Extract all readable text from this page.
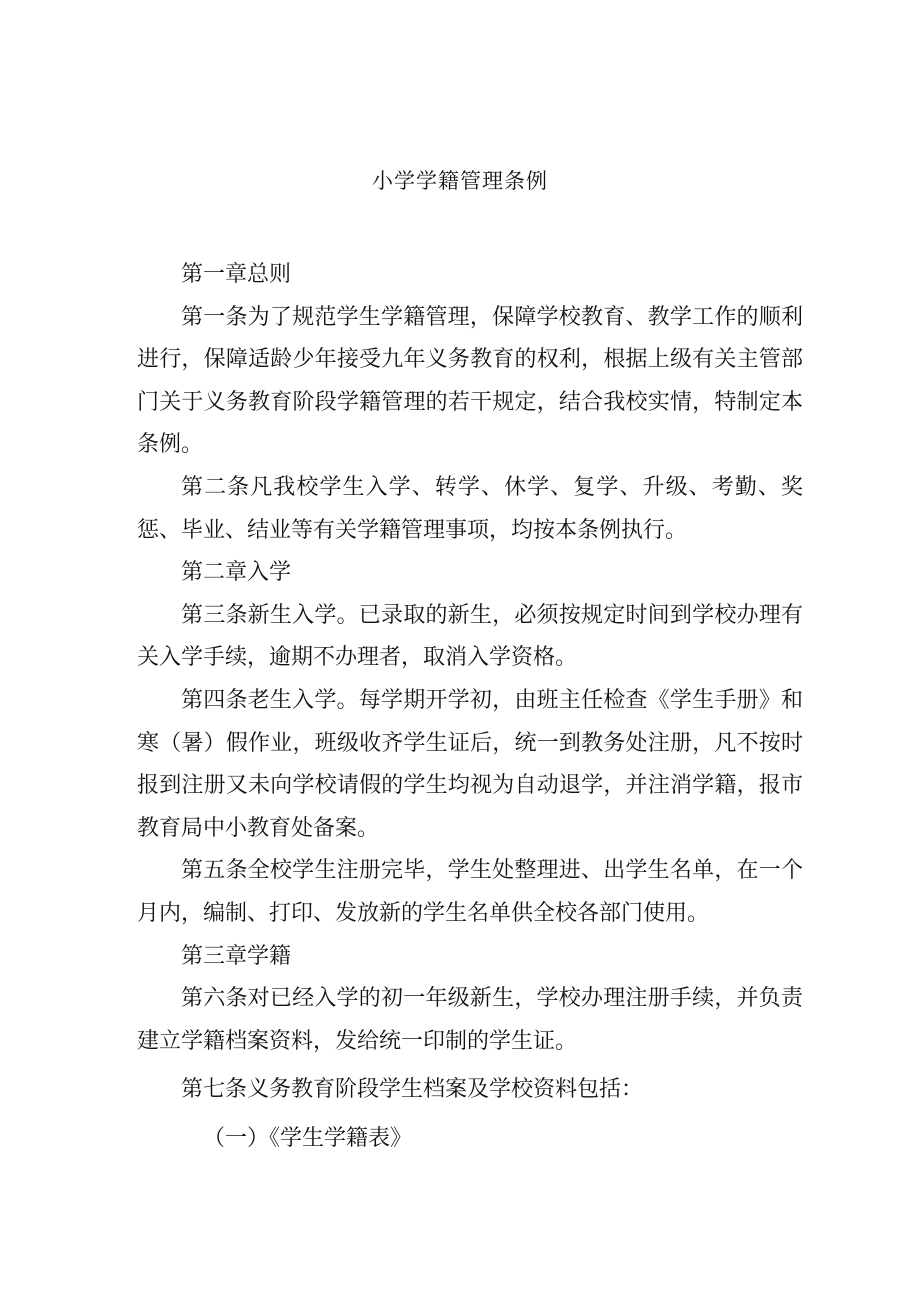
小学学籍管理条例

第一章总则

第一条为了规范学生学籍管理，保障学校教育、教学工作的顺利进行，保障适龄少年接受九年义务教育的权利，根据上级有关主管部门关于义务教育阶段学籍管理的若干规定，结合我校实情，特制定本条例。

第二条凡我校学生入学、转学、休学、复学、升级、考勤、奖惩、毕业、结业等有关学籍管理事项，均按本条例执行。

第二章入学

第三条新生入学。已录取的新生，必须按规定时间到学校办理有关入学手续，逾期不办理者，取消入学资格。

第四条老生入学。每学期开学初，由班主任检查《学生手册》和寒（暑）假作业，班级收齐学生证后，统一到教务处注册，凡不按时报到注册又未向学校请假的学生均视为自动退学，并注消学籍，报市教育局中小教育处备案。

第五条全校学生注册完毕，学生处整理进、出学生名单，在一个月内，编制、打印、发放新的学生名单供全校各部门使用。

第三章学籍

第六条对已经入学的初一年级新生，学校办理注册手续，并负责建立学籍档案资料，发给统一印制的学生证。

第七条义务教育阶段学生档案及学校资料包括：

（一）《学生学籍表》
